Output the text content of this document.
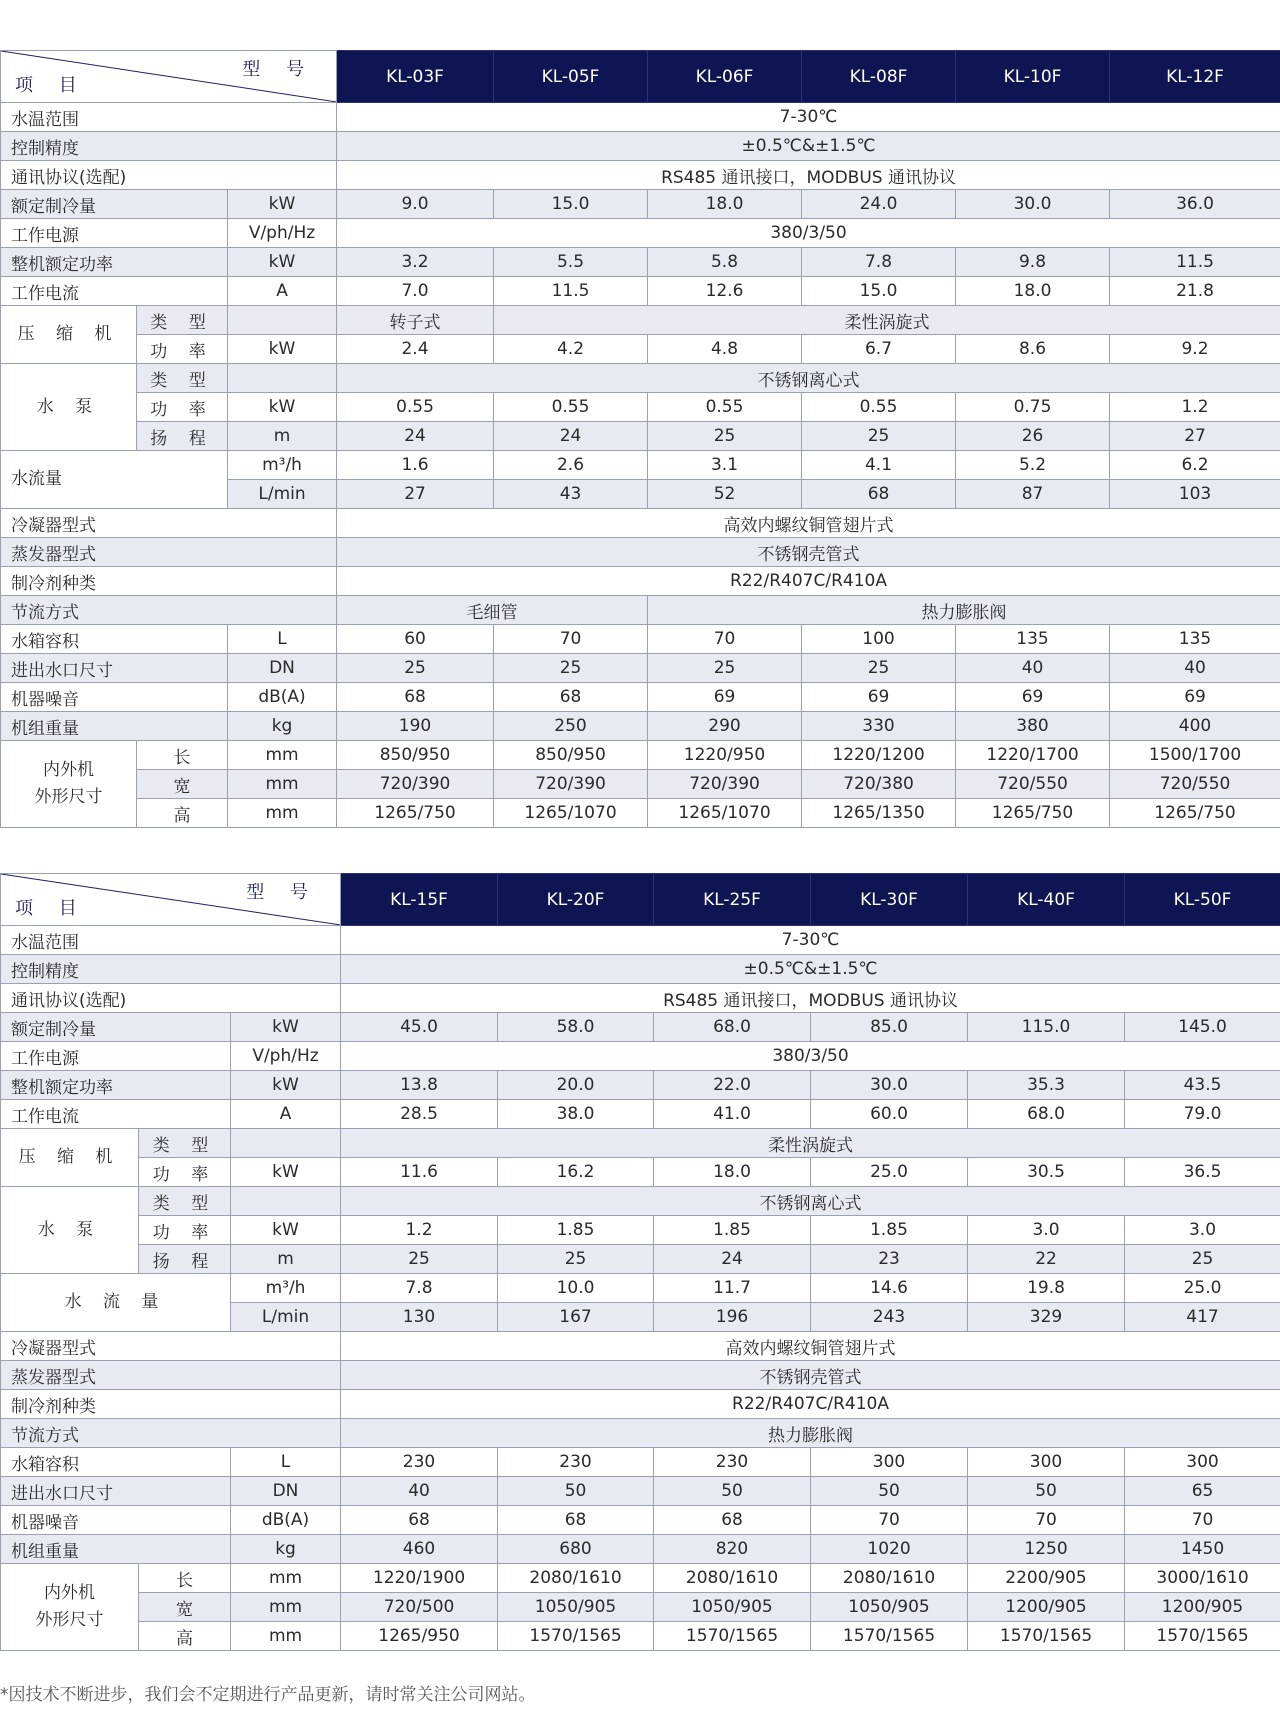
型 号
项 目			KL-03F	KL-05F	KL-06F	KL-08F	KL-10F	KL-12F
水温范围			7-30℃					
控制精度			±0.5℃&±1.5℃					
通讯协议(选配)			RS485 通讯接口，MODBUS 通讯协议					
额定制冷量		kW	9.0	15.0	18.0	24.0	30.0	36.0
工作电源		V/ph/Hz	380/3/50					
整机额定功率		kW	3.2	5.5	5.8	7.8	9.8	11.5
工作电流		A	7.0	11.5	12.6	15.0	18.0	21.8
压 缩 机	类 型		转子式	柔性涡旋式				
	功 率	kW	2.4	4.2	4.8	6.7	8.6	9.2
水 泵	类 型		不锈钢离心式					
	功 率	kW	0.55	0.55	0.55	0.55	0.75	1.2
	扬 程	m	24	24	25	25	26	27
水流量		m³/h	1.6	2.6	3.1	4.1	5.2	6.2
		L/min	27	43	52	68	87	103
冷凝器型式			高效内螺纹铜管翅片式					
蒸发器型式			不锈钢壳管式					
制冷剂种类			R22/R407C/R410A					
节流方式			毛细管		热力膨胀阀			
水箱容积		L	60	70	70	100	135	135
进出水口尺寸		DN	25	25	25	25	40	40
机器噪音		dB(A)	68	68	69	69	69	69
机组重量		kg	190	250	290	330	380	400
内外机
外形尺寸	长	mm	850/950	850/950	1220/950	1220/1200	1220/1700	1500/1700
	宽	mm	720/390	720/390	720/390	720/380	720/550	720/550
	高	mm	1265/750	1265/1070	1265/1070	1265/1350	1265/750	1265/750
型 号
项 目			KL-15F	KL-20F	KL-25F	KL-30F	KL-40F	KL-50F
水温范围			7-30℃					
控制精度			±0.5℃&±1.5℃					
通讯协议(选配)			RS485 通讯接口，MODBUS 通讯协议					
额定制冷量		kW	45.0	58.0	68.0	85.0	115.0	145.0
工作电源		V/ph/Hz	380/3/50					
整机额定功率		kW	13.8	20.0	22.0	30.0	35.3	43.5
工作电流		A	28.5	38.0	41.0	60.0	68.0	79.0
压 缩 机	类 型		柔性涡旋式					
	功 率	kW	11.6	16.2	18.0	25.0	30.5	36.5
水 泵	类 型		不锈钢离心式					
	功 率	kW	1.2	1.85	1.85	1.85	3.0	3.0
	扬 程	m	25	25	24	23	22	25
水 流 量		m³/h	7.8	10.0	11.7	14.6	19.8	25.0
		L/min	130	167	196	243	329	417
冷凝器型式			高效内螺纹铜管翅片式					
蒸发器型式			不锈钢壳管式					
制冷剂种类			R22/R407C/R410A					
节流方式			热力膨胀阀					
水箱容积		L	230	230	230	300	300	300
进出水口尺寸		DN	40	50	50	50	50	65
机器噪音		dB(A)	68	68	68	70	70	70
机组重量		kg	460	680	820	1020	1250	1450
内外机
外形尺寸	长	mm	1220/1900	2080/1610	2080/1610	2080/1610	2200/905	3000/1610
	宽	mm	720/500	1050/905	1050/905	1050/905	1200/905	1200/905
	高	mm	1265/950	1570/1565	1570/1565	1570/1565	1570/1565	1570/1565
*因技术不断进步，我们会不定期进行产品更新，请时常关注公司网站。
